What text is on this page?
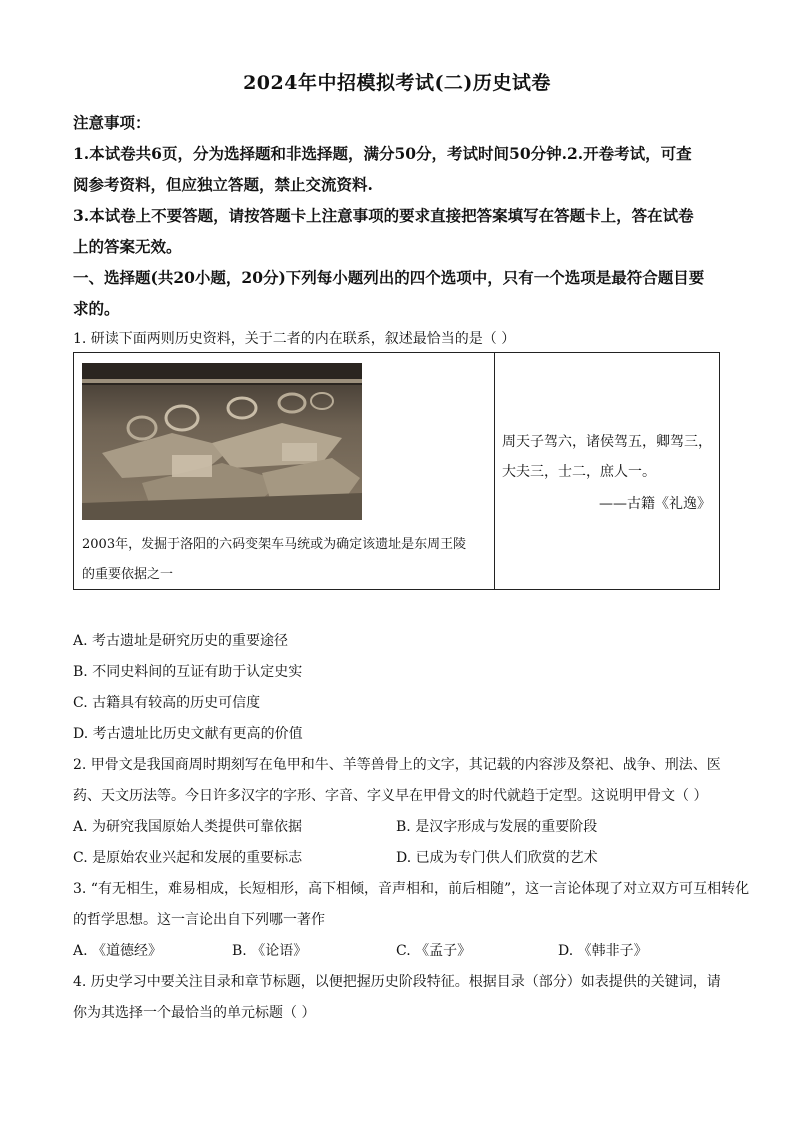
2024年中招模拟考试(二)历史试卷
注意事项：
1.本试卷共6页，分为选择题和非选择题，满分50分，考试时间50分钟.2.开卷考试，可查
阅参考资料，但应独立答题，禁止交流资料.
3.本试卷上不要答题，请按答题卡上注意事项的要求直接把答案填写在答题卡上，答在试卷
上的答案无效。
一、选择题(共20小题，20分)下列每小题列出的四个选项中，只有一个选项是最符合题目要
求的。
1. 研读下面两则历史资料，关于二者的内在联系，叙述最恰当的是（ ）
2003年，发掘于洛阳的六码变架车马统或为确定该遗址是东周王陵
的重要依据之一
周天子驾六，诸侯驾五，卿驾三，
大夫三，士二，庶人一。
——古籍《礼逸》
A. 考古遗址是研究历史的重要途径
B. 不同史料间的互证有助于认定史实
C. 古籍具有较高的历史可信度
D. 考古遗址比历史文献有更高的价值
2. 甲骨文是我国商周时期刻写在龟甲和牛、羊等兽骨上的文字，其记载的内容涉及祭祀、战争、刑法、医
药、天文历法等。今日许多汉字的字形、字音、字义早在甲骨文的时代就趋于定型。这说明甲骨文（ ）
A. 为研究我国原始人类提供可靠依据	B. 是汉字形成与发展的重要阶段
C. 是原始农业兴起和发展的重要标志	D. 已成为专门供人们欣赏的艺术
3. “有无相生，难易相成，长短相形，高下相倾，音声相和，前后相随”，这一言论体现了对立双方可互相转化
的哲学思想。这一言论出自下列哪一著作
A. 《道德经》	B. 《论语》	C. 《孟子》	D. 《韩非子》
4. 历史学习中要关注目录和章节标题，以便把握历史阶段特征。根据目录（部分）如表提供的关键词，请
你为其选择一个最恰当的单元标题（ ）
